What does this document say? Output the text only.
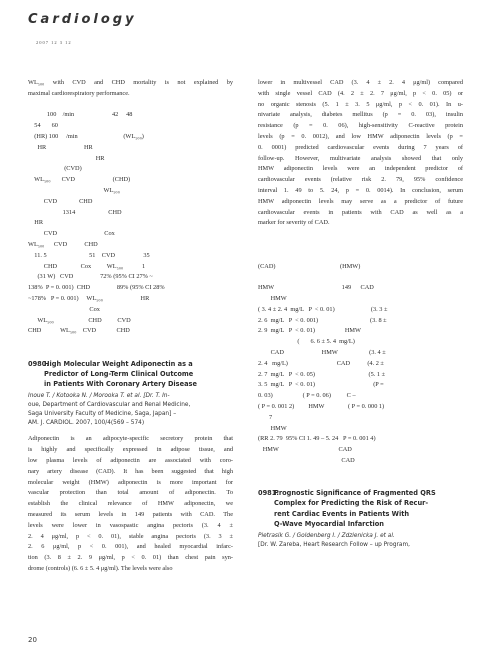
Cardiology
2007 12 3 12
WL₅₀₀ with CVD and CHD mortality is not explained by
maximal cardiorespiratory performance.
100    /min                        42     48
54       60
(HR) 100     /min                             (WL₅₀₀)
HR                        HR
HR
(CVD)
WL₅₀₀       CVD                        (CHD)
WL₅₀₀
CVD              CHD
1314                     CHD
HR
CVD                              Cox
WL₅₀₀      CVD           CHD
11. 5                           51    CVD                  35
CHD               Cox          WL₅₀₀            1
(31 W)   CVD                 72% (95% CI 27% ~
138%  P = 0. 001)  CHD                 89% (95% CI 28%
~178%   P = 0. 001)     WL₅₀₀                        HR
Cox
WL₅₀₀                      CHD          CVD
CHD            WL₅₀₀    CVD             CHD
0980.High Molecular Weight Adiponectin as a
Predictor of Long-Term Clinical Outcome
in Patients With Coronary Artery Disease
Inoue T. / Kotooka N. / Morooka T. et al. [Dr. T. In-
oue, Department of Cardiovascular and Renal Medicine,
Saga University Faculty of Medicine, Saga, Japan] –
AM. J. CARDIOL. 2007, 100/4(569 – 574)
Adiponectin is an adipocyte-specific secretory protein that
is highly and specifically expressed in adipose tissue, and
low plasma levels of adiponectin are associated with coro-
nary artery disease (CAD). It has been suggested that high
molecular weight (HMW) adiponectin is more important for
vascular protection than total amount of adiponectin. To
establish the clinical relevance of HMW adiponectin, we
measured its serum levels in 149 patients with CAD. The
levels were lower in vasospastic angina pectoris (3. 4 ±
2. 4 μg/ml, p < 0. 01), stable angina pectoris (3. 3 ±
2. 6 μg/ml, p < 0. 001), and healed myocardial infarc-
tion (3. 8 ± 2. 9 μg/ml, p < 0. 01) than chest pain syn-
drome (controls) (6. 6 ± 5. 4 μg/ml). The levels were also
lower in multivessel CAD (3. 4 ± 2. 4 μg/ml) compared
with single vessel CAD (4. 2 ± 2. 7 μg/ml, p < 0. 05) or
no organic stenosis (5. 1 ± 3. 5 μg/ml, p < 0. 01). In u-
nivariate analysis, diabetes mellitus (p = 0. 03), insulin
resistance (p = 0. 06), high-sensitivity C-reactive protein
levels (p = 0. 0012), and low HMW adiponectin levels (p =
0. 0001) predicted cardiovascular events during 7 years of
follow-up. However, multivariate analysis showed that only
HMW adiponectin levels were an independent predictor of
cardiovascular events (relative risk 2. 79, 95% confidence
interval 1. 49 to 5. 24, p = 0. 0014). In conclusion, serum
HMW adiponectin levels may serve as a predictor of future
cardiovascular events in patients with CAD as well as a
marker for severity of CAD.
(CAD)                                         (HMW)
HMW                                           149      CAD
HMW
( 3. 4 ± 2. 4  mg/L   P  < 0. 01)                       (3. 3 ±
2. 6  mg/L   P  < 0. 001)                                 (3. 8 ±
2. 9  mg/L   P  < 0. 01)                   HMW
(       6. 6 ± 5. 4  mg/L)
CAD                        HMW                    (3. 4 ±
2. 4   mg/L)                               CAD           (4. 2 ±
2. 7  mg/L   P  < 0. 05)                                  (5. 1 ±
3. 5  mg/L   P  < 0. 01)                                     (P =
0. 03)                   ( P = 0. 06)          C –
( P = 0. 001 2)         HMW               ( P = 0. 000 1)
7
HMW
(RR 2. 79  95% CI 1. 49 – 5. 24   P = 0. 001 4)
HMW                                      CAD
CAD
0981.Prognostic Significance of Fragmented QRS
Complex for Predicting the Risk of Recur-
rent Cardiac Events in Patients With
Q-Wave Myocardial Infarction
Pietrasik G. / Goldenberg I. / Zdzienicka J. et al.
[Dr. W. Zareba, Heart Research Follow – up Program,
20
